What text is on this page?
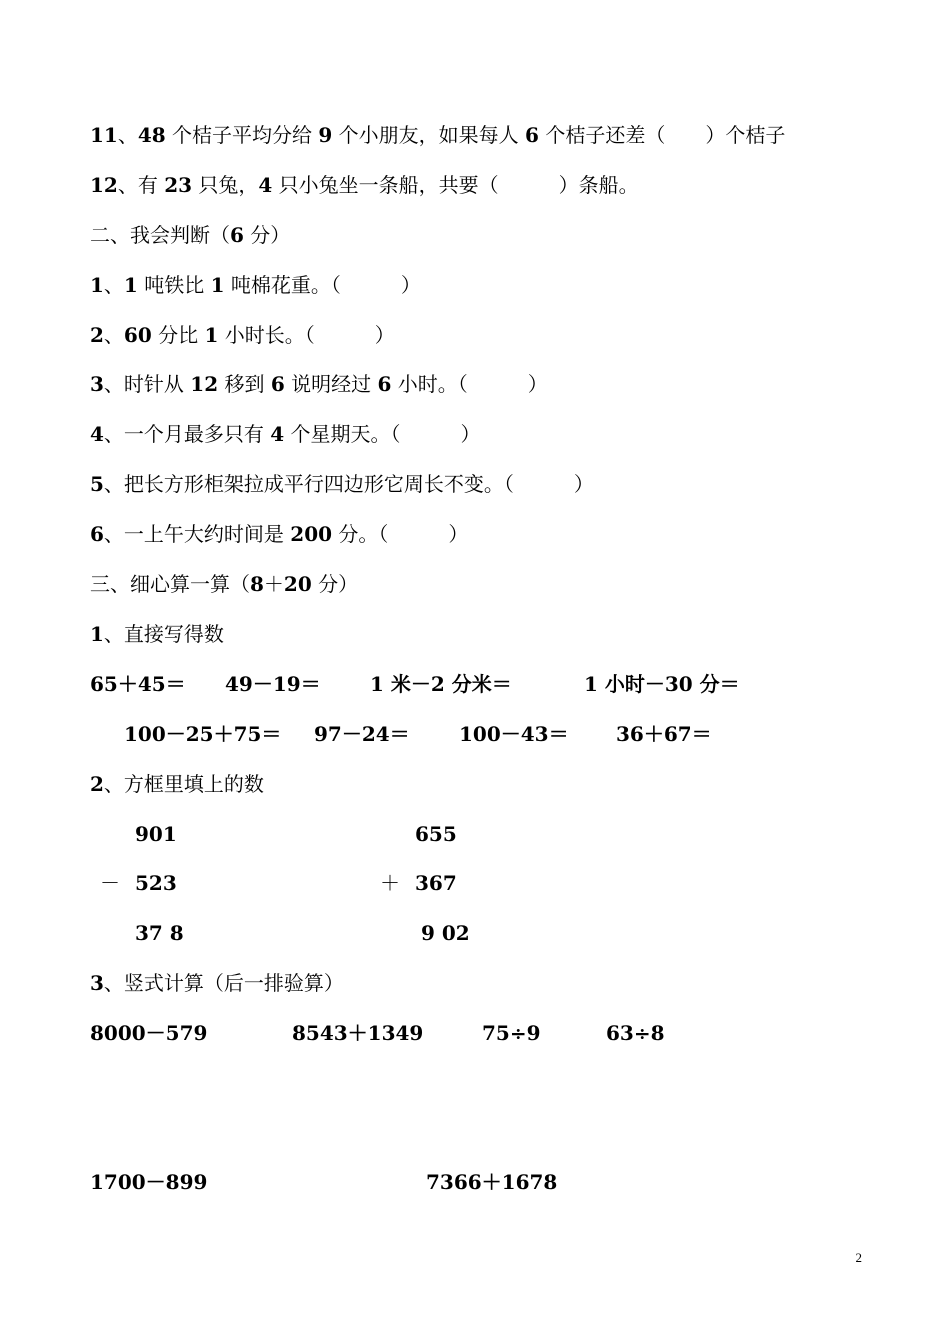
11、48 个桔子平均分给 9 个小朋友，如果每人 6 个桔子还差（　　）个桔子

12、有 23 只兔，4 只小兔坐一条船，共要（　　　）条船。

二、我会判断（6 分）

1、1 吨铁比 1 吨棉花重。（　　　）

2、60 分比 1 小时长。（　　　）

3、时针从 12 移到 6 说明经过 6 小时。（　　　）

4、一个月最多只有 4 个星期天。（　　　）

5、把长方形柜架拉成平行四边形它周长不变。（　　　）

6、一上午大约时间是 200 分。（　　　）

三、细心算一算（8＋20 分）

1、直接写得数

65＋45＝ 49－19＝ 1 米－2 分米＝	1 小时－30 分＝
100－25＋75＝ 97－24＝ 100－43＝ 36＋67＝

2、方框里填上的数

901
－ 523
37 8
655
＋ 367
9 02

3、竖式计算（后一排验算）

8000－579	8543＋1349	75÷9	63÷8
1700－899	7366＋1678
2
